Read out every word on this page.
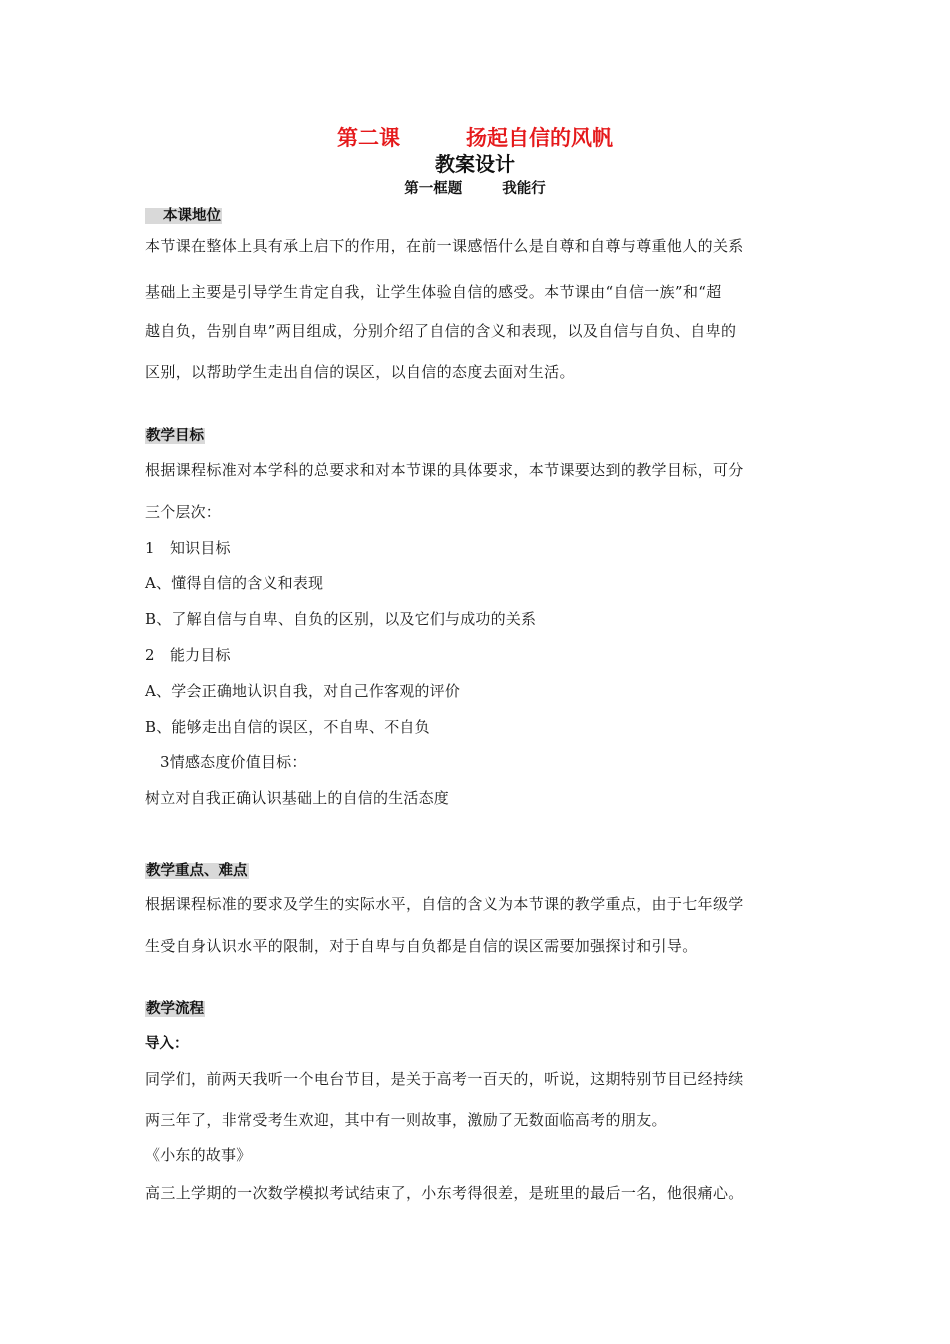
第二课	扬起自信的风帆
教案设计
第一框题	我能行
本课地位
本节课在整体上具有承上启下的作用，在前一课感悟什么是自尊和自尊与尊重他人的关系
基础上主要是引导学生肯定自我，让学生体验自信的感受。本节课由“自信一族”和“超
越自负，告别自卑”两目组成，分别介绍了自信的含义和表现，以及自信与自负、自卑的
区别，以帮助学生走出自信的误区，以自信的态度去面对生活。
教学目标
根据课程标准对本学科的总要求和对本节课的具体要求，本节课要达到的教学目标，可分
三个层次：
1　知识目标
A、懂得自信的含义和表现
B、了解自信与自卑、自负的区别，以及它们与成功的关系
2　能力目标
A、学会正确地认识自我，对自己作客观的评价
B、能够走出自信的误区，不自卑、不自负
3情感态度价值目标：
树立对自我正确认识基础上的自信的生活态度
教学重点、难点
根据课程标准的要求及学生的实际水平，自信的含义为本节课的教学重点，由于七年级学
生受自身认识水平的限制，对于自卑与自负都是自信的误区需要加强探讨和引导。
教学流程
导入：
同学们，前两天我听一个电台节目，是关于高考一百天的，听说，这期特别节目已经持续
两三年了，非常受考生欢迎，其中有一则故事，激励了无数面临高考的朋友。
《小东的故事》
高三上学期的一次数学模拟考试结束了，小东考得很差，是班里的最后一名，他很痛心。
